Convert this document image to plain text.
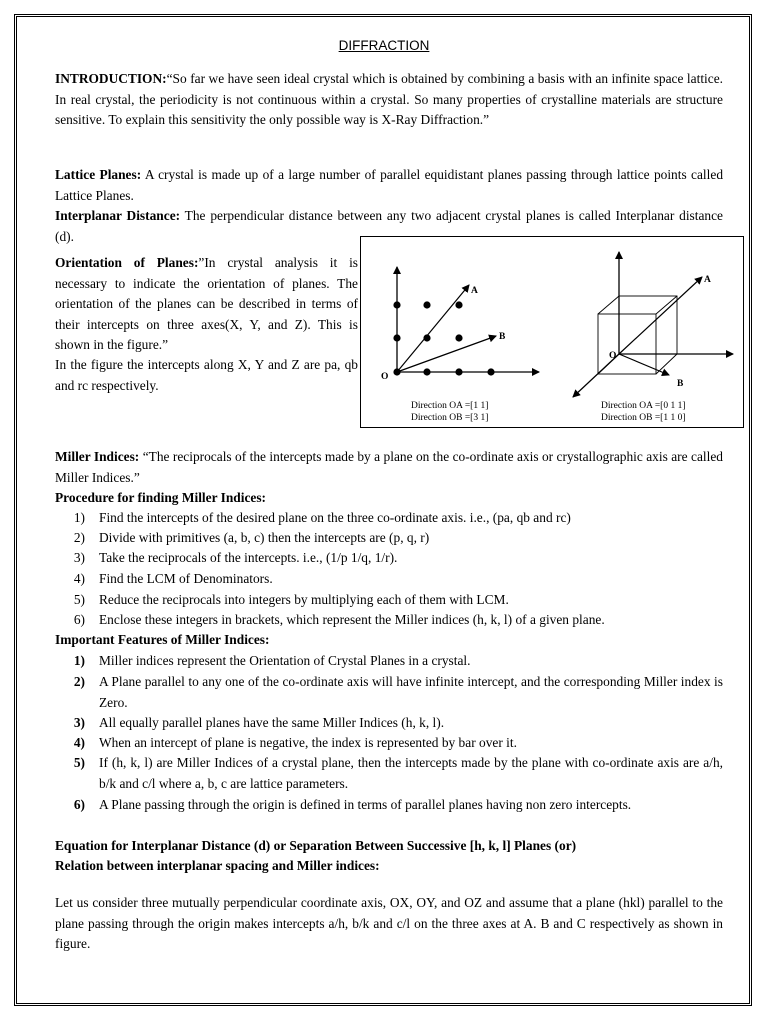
DIFFRACTION
INTRODUCTION:“So far we have seen ideal crystal which is obtained by combining a basis with an infinite space lattice. In real crystal, the periodicity is not continuous within a crystal. So many properties of crystalline materials are structure sensitive. To explain this sensitivity the only possible way is X-Ray Diffraction.”
Lattice Planes: A crystal is made up of a large number of parallel equidistant planes passing through lattice points called Lattice Planes.
Interplanar Distance: The perpendicular distance between any two adjacent crystal planes is called Interplanar distance (d).
Orientation of Planes:”In crystal analysis it is necessary to indicate the orientation of planes. The orientation of the planes can be described in terms of their intercepts on three axes(X, Y, and Z). This is shown in the figure.”
In the figure the intercepts along X, Y and Z are pa, qb and rc respectively.
O
A
B
Direction OA =[1 1]
Direction OB =[3 1]
O
A
B
Direction OA =[0 1 1]
Direction OB =[1 1 0]
Miller Indices: “The reciprocals of the intercepts made by a plane on the co-ordinate axis or crystallographic axis are called Miller Indices.”
Procedure for finding Miller Indices:
1) Find the intercepts of the desired plane on the three co-ordinate axis. i.e., (pa, qb and rc)
2) Divide with primitives (a, b, c) then the intercepts are (p, q, r)
3) Take the reciprocals of the intercepts. i.e., (1/p 1/q, 1/r).
4) Find the LCM of Denominators.
5) Reduce the reciprocals into integers by multiplying each of them with LCM.
6) Enclose these integers in brackets, which represent the Miller indices (h, k, l) of a given plane.
Important Features of Miller Indices:
1) Miller indices represent the Orientation of Crystal Planes in a crystal.
2) A Plane parallel to any one of the co-ordinate axis will have infinite intercept, and the corresponding Miller index is Zero.
3) All equally parallel planes have the same Miller Indices (h, k, l).
4) When an intercept of plane is negative, the index is represented by bar over it.
5) If (h, k, l) are Miller Indices of a crystal plane, then the intercepts made by the plane with co-ordinate axis are a/h, b/k and c/l where a, b, c are lattice parameters.
6) A Plane passing through the origin is defined in terms of parallel planes having non zero intercepts.
Equation for Interplanar Distance (d) or Separation Between Successive [h, k, l] Planes (or)
Relation between interplanar spacing and Miller indices:
Let us consider three mutually perpendicular coordinate axis, OX, OY, and OZ and assume that a plane (hkl) parallel to the plane passing through the origin makes intercepts a/h, b/k and c/l on the three axes at A. B and C respectively as shown in figure.
